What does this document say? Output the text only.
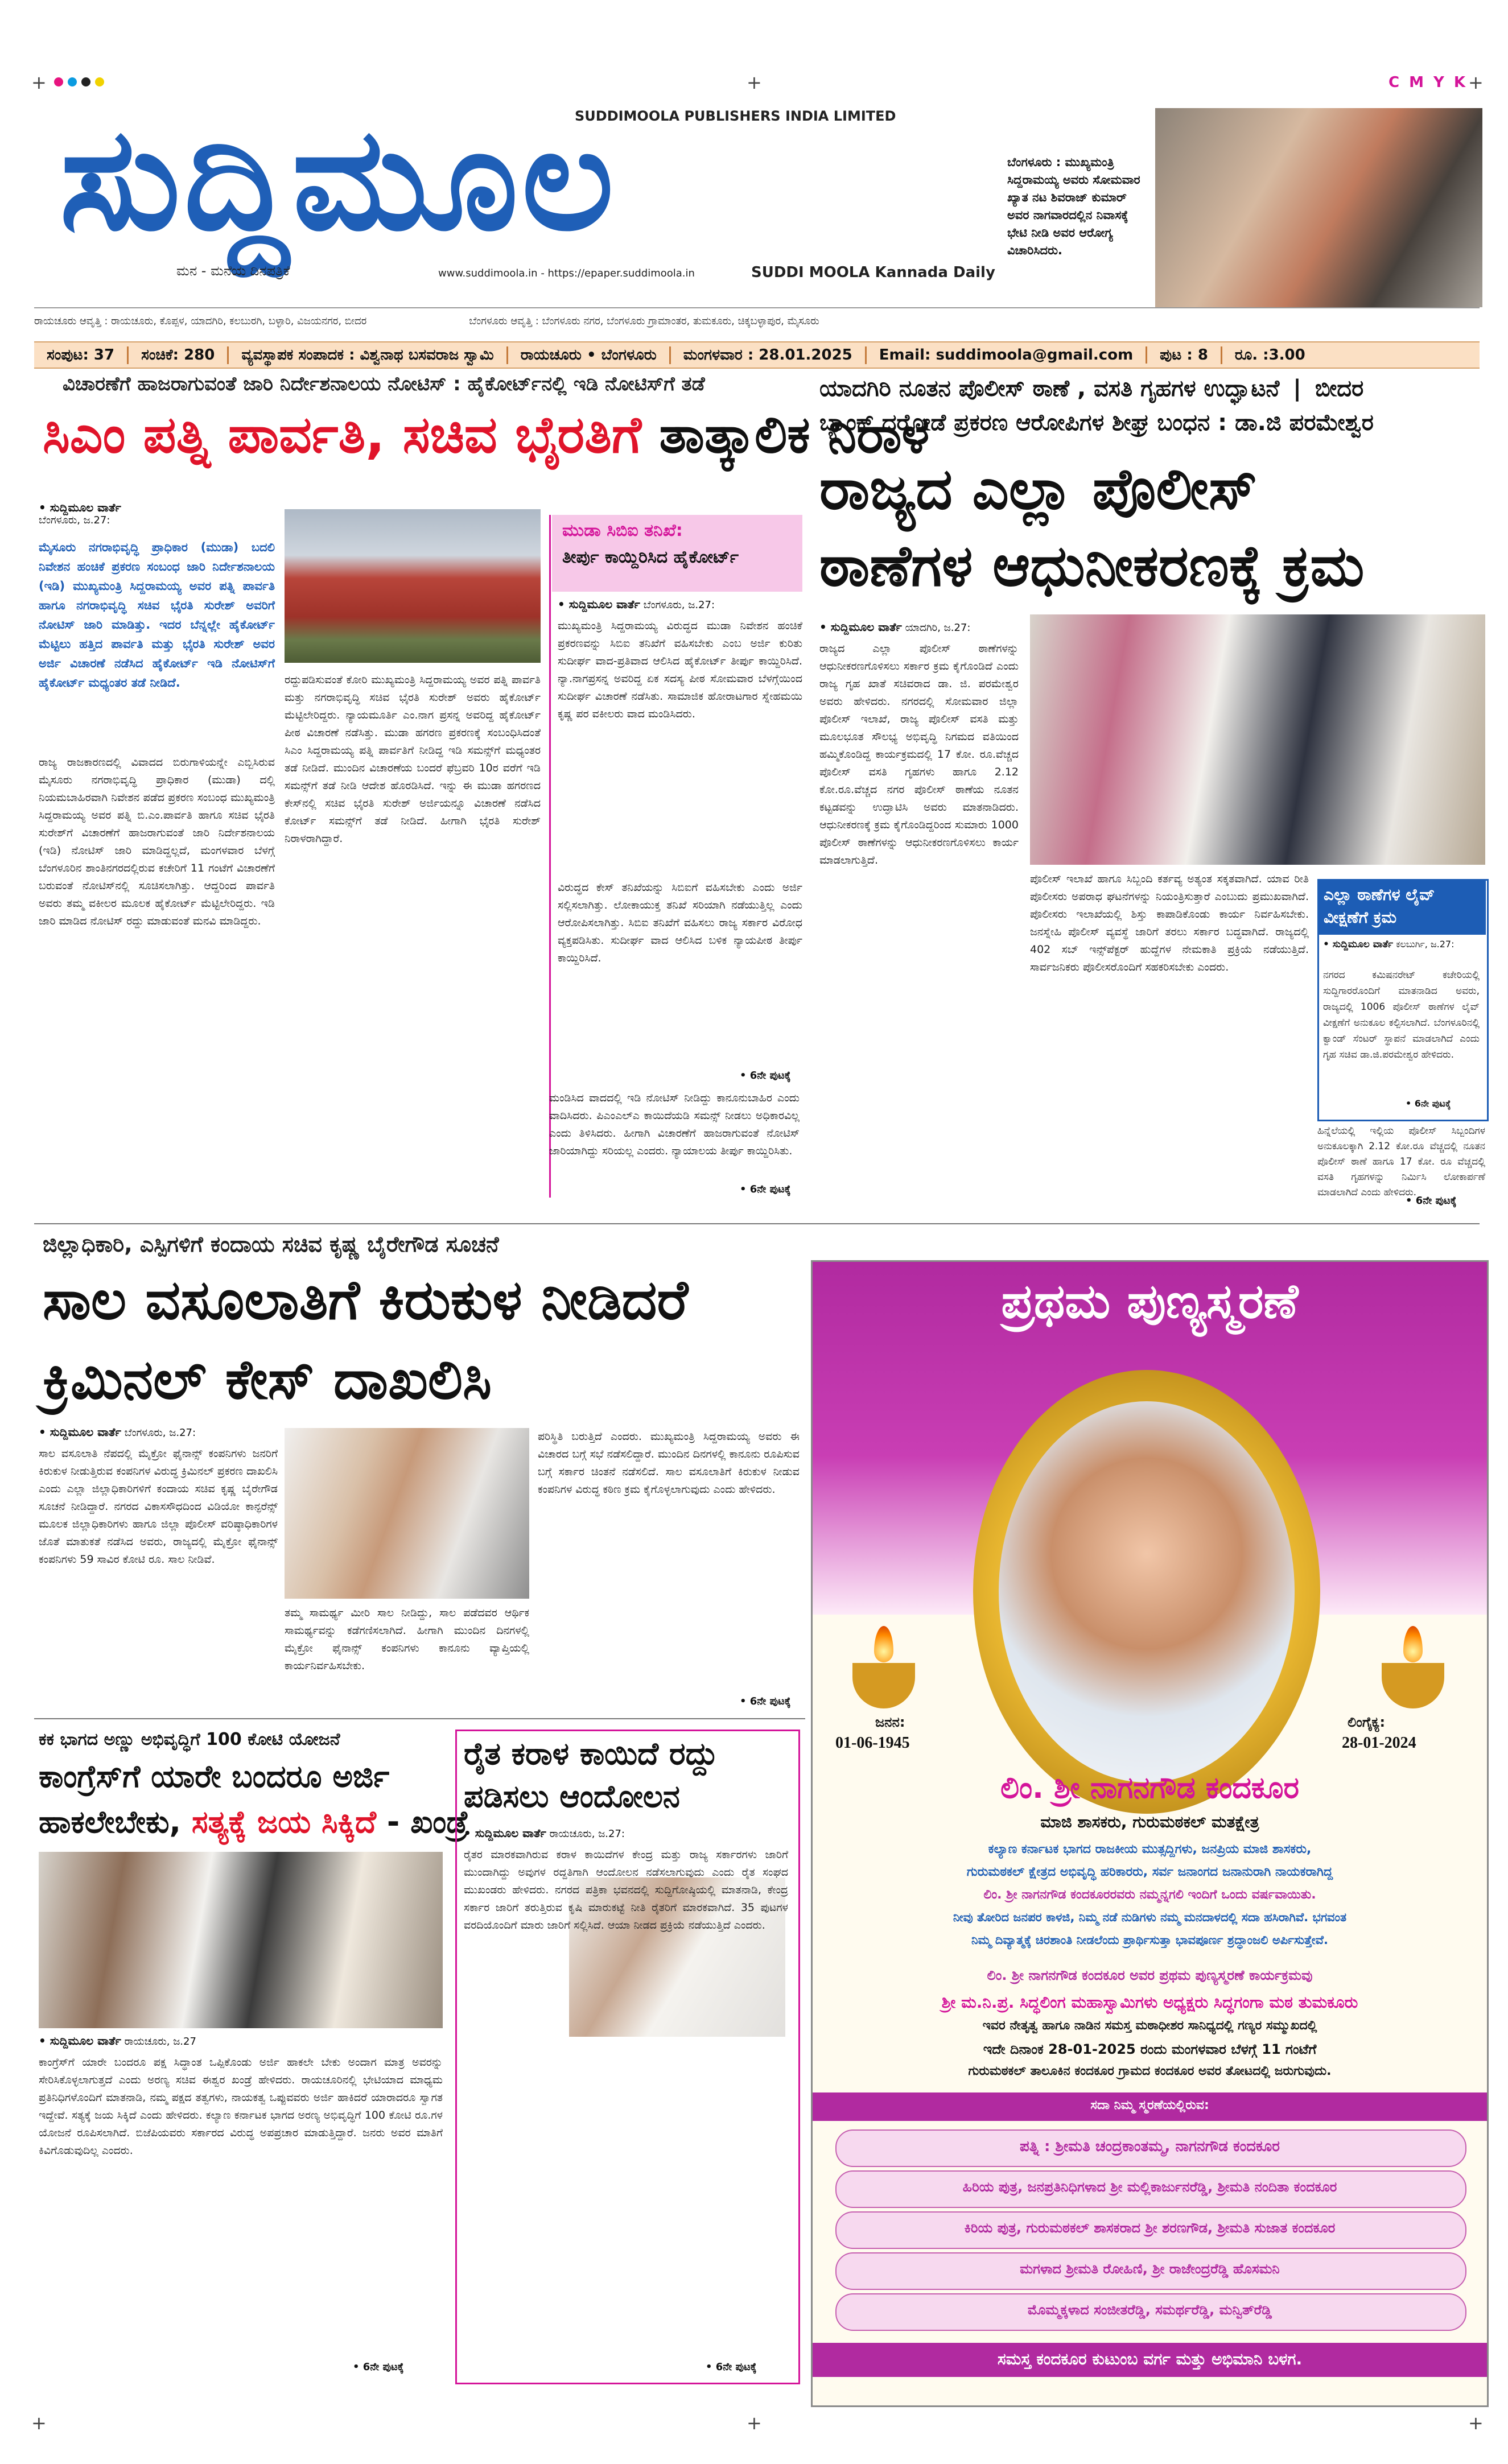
+	+	+
C M Y K
ಸುದ್ದಿಮೂಲ
SUDDIMOOLA PUBLISHERS INDIA LIMITED
ಮನ - ಮನೆಯ ದಿನಪತ್ರಿಕೆ	www.suddimoola.in - https://epaper.suddimoola.in	SUDDI MOOLA Kannada Daily
ಬೆಂಗಳೂರು : ಮುಖ್ಯಮಂತ್ರಿ ಸಿದ್ದರಾಮಯ್ಯ ಅವರು ಸೋಮವಾರ ಖ್ಯಾತ ನಟ ಶಿವರಾಜ್ ಕುಮಾರ್ ಅವರ ನಾಗವಾರದಲ್ಲಿನ ನಿವಾಸಕ್ಕೆ ಭೇಟಿ ನೀಡಿ ಅವರ ಆರೋಗ್ಯ ವಿಚಾರಿಸಿದರು.
ರಾಯಚೂರು ಆವೃತ್ತಿ : ರಾಯಚೂರು, ಕೊಪ್ಪಳ, ಯಾದಗಿರಿ, ಕಲಬುರಗಿ, ಬಳ್ಳಾರಿ, ವಿಜಯನಗರ, ಬೀದರ	ಬೆಂಗಳೂರು ಆವೃತ್ತಿ : ಬೆಂಗಳೂರು ನಗರ, ಬೆಂಗಳೂರು ಗ್ರಾಮಾಂತರ, ತುಮಕೂರು, ಚಿಕ್ಕಬಳ್ಳಾಪುರ, ಮೈಸೂರು
ಸಂಪುಟ: 37	ಸಂಚಿಕೆ: 280	ವ್ಯವಸ್ಥಾಪಕ ಸಂಪಾದಕ : ವಿಶ್ವನಾಥ ಬಸವರಾಜ ಸ್ವಾಮಿ	ರಾಯಚೂರು • ಬೆಂಗಳೂರು	ಮಂಗಳವಾರ : 28.01.2025	Email: suddimoola@gmail.com	ಪುಟ : 8	ರೂ. :3.00
ವಿಚಾರಣೆಗೆ ಹಾಜರಾಗುವಂತೆ ಜಾರಿ ನಿರ್ದೇಶನಾಲಯ ನೋಟಿಸ್ : ಹೈಕೋರ್ಟ್‌ನಲ್ಲಿ ಇಡಿ ನೋಟಿಸ್‌ಗೆ ತಡೆ
ಸಿಎಂ ಪತ್ನಿ ಪಾರ್ವತಿ, ಸಚಿವ ಭೈರತಿಗೆ ತಾತ್ಕಾಲಿಕ ನಿರಾಳ
• ಸುದ್ದಿಮೂಲ ವಾರ್ತೆ
ಬೆಂಗಳೂರು, ಜ.27:
ಮೈಸೂರು ನಗರಾಭಿವೃದ್ಧಿ ಪ್ರಾಧಿಕಾರ (ಮುಡಾ) ಬದಲಿ ನಿವೇಶನ ಹಂಚಿಕೆ ಪ್ರಕರಣ ಸಂಬಂಧ ಜಾರಿ ನಿರ್ದೇಶನಾಲಯ (ಇಡಿ) ಮುಖ್ಯಮಂತ್ರಿ ಸಿದ್ದರಾಮಯ್ಯ ಅವರ ಪತ್ನಿ ಪಾರ್ವತಿ ಹಾಗೂ ನಗರಾಭಿವೃದ್ಧಿ ಸಚಿವ ಭೈರತಿ ಸುರೇಶ್ ಅವರಿಗೆ ನೋಟಿಸ್ ಜಾರಿ ಮಾಡಿತ್ತು. ಇದರ ಬೆನ್ನಲ್ಲೇ ಹೈಕೋರ್ಟ್ ಮೆಟ್ಟಿಲು ಹತ್ತಿದ ಪಾರ್ವತಿ ಮತ್ತು ಭೈರತಿ ಸುರೇಶ್ ಅವರ ಅರ್ಜಿ ವಿಚಾರಣೆ ನಡೆಸಿದ ಹೈಕೋರ್ಟ್ ಇಡಿ ನೋಟಿಸ್‌ಗೆ ಹೈಕೋರ್ಟ್ ಮಧ್ಯಂತರ ತಡೆ ನೀಡಿದೆ.
ರಾಜ್ಯ ರಾಜಕಾರಣದಲ್ಲಿ ವಿವಾದದ ಬಿರುಗಾಳಿಯನ್ನೇ ಎಬ್ಬಿಸಿರುವ ಮೈಸೂರು ನಗರಾಭಿವೃದ್ಧಿ ಪ್ರಾಧಿಕಾರ (ಮುಡಾ) ದಲ್ಲಿ ನಿಯಮಬಾಹಿರವಾಗಿ ನಿವೇಶನ ಪಡೆದ ಪ್ರಕರಣ ಸಂಬಂಧ ಮುಖ್ಯಮಂತ್ರಿ ಸಿದ್ದರಾಮಯ್ಯ ಅವರ ಪತ್ನಿ ಬಿ.ಎಂ.ಪಾರ್ವತಿ ಹಾಗೂ ಸಚಿವ ಭೈರತಿ ಸುರೇಶ್‌ಗೆ ವಿಚಾರಣೆಗೆ ಹಾಜರಾಗುವಂತೆ ಜಾರಿ ನಿರ್ದೇಶನಾಲಯ (ಇಡಿ) ನೋಟಿಸ್ ಜಾರಿ ಮಾಡಿದ್ದಲ್ಲದೆ, ಮಂಗಳವಾರ ಬೆಳಗ್ಗೆ ಬೆಂಗಳೂರಿನ ಶಾಂತಿನಗರದಲ್ಲಿರುವ ಕಚೇರಿಗೆ 11 ಗಂಟೆಗೆ ವಿಚಾರಣೆಗೆ ಬರುವಂತೆ ನೋಟಿಸ್‌ನಲ್ಲಿ ಸೂಚಿಸಲಾಗಿತ್ತು. ಆದ್ದರಿಂದ ಪಾರ್ವತಿ ಅವರು ತಮ್ಮ ವಕೀಲರ ಮೂಲಕ ಹೈಕೋರ್ಟ್ ಮೆಟ್ಟಿಲೇರಿದ್ದರು. ಇಡಿ ಜಾರಿ ಮಾಡಿದ ನೋಟಿಸ್ ರದ್ದು ಮಾಡುವಂತೆ ಮನವಿ ಮಾಡಿದ್ದರು.
ರದ್ದುಪಡಿಸುವಂತೆ ಕೋರಿ ಮುಖ್ಯಮಂತ್ರಿ ಸಿದ್ದರಾಮಯ್ಯ ಅವರ ಪತ್ನಿ ಪಾರ್ವತಿ ಮತ್ತು ನಗರಾಭಿವೃದ್ಧಿ ಸಚಿವ ಭೈರತಿ ಸುರೇಶ್ ಅವರು ಹೈಕೋರ್ಟ್ ಮೆಟ್ಟಿಲೇರಿದ್ದರು. ನ್ಯಾಯಮೂರ್ತಿ ಎಂ.ನಾಗ ಪ್ರಸನ್ನ ಅವರಿದ್ದ ಹೈಕೋರ್ಟ್ ಪೀಠ ವಿಚಾರಣೆ ನಡೆಸಿತ್ತು. ಮುಡಾ ಹಗರಣ ಪ್ರಕರಣಕ್ಕೆ ಸಂಬಂಧಿಸಿದಂತೆ ಸಿಎಂ ಸಿದ್ದರಾಮಯ್ಯ ಪತ್ನಿ ಪಾರ್ವತಿಗೆ ನೀಡಿದ್ದ ಇಡಿ ಸಮನ್ಸ್‌ಗೆ ಮಧ್ಯಂತರ ತಡೆ ನೀಡಿದೆ. ಮುಂದಿನ ವಿಚಾರಣೆಯ ಬಂದರೆ ಫೆಬ್ರವರಿ 10ರ ವರೆಗೆ ಇಡಿ ಸಮನ್ಸ್‌ಗೆ ತಡೆ ನೀಡಿ ಆದೇಶ ಹೊರಡಿಸಿದೆ. ಇನ್ನು ಈ ಮುಡಾ ಹಗರಣದ ಕೇಸ್‌ನಲ್ಲಿ ಸಚಿವ ಭೈರತಿ ಸುರೇಶ್ ಅರ್ಜಿಯನ್ನೂ ವಿಚಾರಣೆ ನಡೆಸಿದ ಕೋರ್ಟ್ ಸಮನ್ಸ್‌ಗೆ ತಡೆ ನೀಡಿದೆ. ಹೀಗಾಗಿ ಭೈರತಿ ಸುರೇಶ್ ನಿರಾಳರಾಗಿದ್ದಾರೆ.
ಮುಡಾ ಸಿಬಿಐ ತನಿಖೆ:
ತೀರ್ಪು ಕಾಯ್ದಿರಿಸಿದ ಹೈಕೋರ್ಟ್
• ಸುದ್ದಿಮೂಲ ವಾರ್ತೆ ಬೆಂಗಳೂರು, ಜ.27:
ಮುಖ್ಯಮಂತ್ರಿ ಸಿದ್ದರಾಮಯ್ಯ ವಿರುದ್ಧದ ಮುಡಾ ನಿವೇಶನ ಹಂಚಿಕೆ ಪ್ರಕರಣವನ್ನು ಸಿಬಿಐ ತನಿಖೆಗೆ ವಹಿಸಬೇಕು ಎಂಬ ಅರ್ಜಿ ಕುರಿತು ಸುದೀರ್ಘ ವಾದ-ಪ್ರತಿವಾದ ಆಲಿಸಿದ ಹೈಕೋರ್ಟ್ ತೀರ್ಪು ಕಾಯ್ದಿರಿಸಿದೆ. ನ್ಯಾ.ನಾಗಪ್ರಸನ್ನ ಅವರಿದ್ದ ಏಕ ಸದಸ್ಯ ಪೀಠ ಸೋಮವಾರ ಬೆಳಗ್ಗೆಯಿಂದ ಸುದೀರ್ಘ ವಿಚಾರಣೆ ನಡೆಸಿತು. ಸಾಮಾಜಿಕ ಹೋರಾಟಗಾರ ಸ್ನೇಹಮಯಿ ಕೃಷ್ಣ ಪರ ವಕೀಲರು ವಾದ ಮಂಡಿಸಿದರು.
ವಿರುದ್ಧದ ಕೇಸ್ ತನಿಖೆಯನ್ನು ಸಿಬಿಐಗೆ ವಹಿಸಬೇಕು ಎಂದು ಅರ್ಜಿ ಸಲ್ಲಿಸಲಾಗಿತ್ತು. ಲೋಕಾಯುಕ್ತ ತನಿಖೆ ಸರಿಯಾಗಿ ನಡೆಯುತ್ತಿಲ್ಲ ಎಂದು ಆರೋಪಿಸಲಾಗಿತ್ತು. ಸಿಬಿಐ ತನಿಖೆಗೆ ವಹಿಸಲು ರಾಜ್ಯ ಸರ್ಕಾರ ವಿರೋಧ ವ್ಯಕ್ತಪಡಿಸಿತು. ಸುದೀರ್ಘ ವಾದ ಆಲಿಸಿದ ಬಳಿಕ ನ್ಯಾಯಪೀಠ ತೀರ್ಪು ಕಾಯ್ದಿರಿಸಿದೆ.
• 6ನೇ ಪುಟಕ್ಕೆ
ಮಂಡಿಸಿದ ವಾದದಲ್ಲಿ ಇಡಿ ನೋಟಿಸ್ ನೀಡಿದ್ದು ಕಾನೂನುಬಾಹಿರ ಎಂದು ವಾದಿಸಿದರು. ಪಿಎಂಎಲ್‌ಎ ಕಾಯಿದೆಯಡಿ ಸಮನ್ಸ್ ನೀಡಲು ಅಧಿಕಾರವಿಲ್ಲ ಎಂದು ತಿಳಿಸಿದರು. ಹೀಗಾಗಿ ವಿಚಾರಣೆಗೆ ಹಾಜರಾಗುವಂತೆ ನೋಟಿಸ್ ಜಾರಿಯಾಗಿದ್ದು ಸರಿಯಲ್ಲ ಎಂದರು. ನ್ಯಾಯಾಲಯ ತೀರ್ಪು ಕಾಯ್ದಿರಿಸಿತು.
• 6ನೇ ಪುಟಕ್ಕೆ
ಯಾದಗಿರಿ ನೂತನ ಪೊಲೀಸ್ ಠಾಣೆ , ವಸತಿ ಗೃಹಗಳ ಉದ್ಘಾಟನೆ | ಬೀದರ
ಬ್ಯಾಂಕ್ ದರೋಡೆ ಪ್ರಕರಣ ಆರೋಪಿಗಳ ಶೀಘ್ರ ಬಂಧನ : ಡಾ.ಜಿ ಪರಮೇಶ್ವರ
ರಾಜ್ಯದ ಎಲ್ಲಾ ಪೊಲೀಸ್
ಠಾಣೆಗಳ ಆಧುನೀಕರಣಕ್ಕೆ ಕ್ರಮ
• ಸುದ್ದಿಮೂಲ ವಾರ್ತೆ ಯಾದಗಿರಿ, ಜ.27:
ರಾಜ್ಯದ ಎಲ್ಲಾ ಪೊಲೀಸ್ ಠಾಣೆಗಳನ್ನು ಆಧುನೀಕರಣಗೊಳಿಸಲು ಸರ್ಕಾರ ಕ್ರಮ ಕೈಗೊಂಡಿದೆ ಎಂದು ರಾಜ್ಯ ಗೃಹ ಖಾತೆ ಸಚಿವರಾದ ಡಾ. ಜಿ. ಪರಮೇಶ್ವರ ಅವರು ಹೇಳಿದರು. ನಗರದಲ್ಲಿ ಸೋಮವಾರ ಜಿಲ್ಲಾ ಪೊಲೀಸ್ ಇಲಾಖೆ, ರಾಜ್ಯ ಪೊಲೀಸ್ ವಸತಿ ಮತ್ತು ಮೂಲಭೂತ ಸೌಲಭ್ಯ ಅಭಿವೃದ್ಧಿ ನಿಗಮದ ವತಿಯಿಂದ ಹಮ್ಮಿಕೊಂಡಿದ್ದ ಕಾರ್ಯಕ್ರಮದಲ್ಲಿ 17 ಕೋ. ರೂ.ವೆಚ್ಚದ ಪೊಲೀಸ್ ವಸತಿ ಗೃಹಗಳು ಹಾಗೂ 2.12 ಕೋ.ರೂ.ವೆಚ್ಚದ ನಗರ ಪೊಲೀಸ್ ಠಾಣೆಯ ನೂತನ ಕಟ್ಟಡವನ್ನು ಉದ್ಘಾಟಿಸಿ ಅವರು ಮಾತನಾಡಿದರು. ಆಧುನೀಕರಣಕ್ಕೆ ಕ್ರಮ ಕೈಗೊಂಡಿದ್ದರಿಂದ ಸುಮಾರು 1000 ಪೊಲೀಸ್ ಠಾಣೆಗಳನ್ನು ಆಧುನೀಕರಣಗೊಳಿಸಲು ಕಾರ್ಯ ಮಾಡಲಾಗುತ್ತಿದೆ.
ಪೊಲೀಸ್ ಇಲಾಖೆ ಹಾಗೂ ಸಿಬ್ಬಂದಿ ಕರ್ತವ್ಯ ಅತ್ಯಂತ ಸಕ್ಕತವಾಗಿದೆ. ಯಾವ ರೀತಿ ಪೊಲೀಸರು ಅಪರಾಧ ಘಟನೆಗಳನ್ನು ನಿಯಂತ್ರಿಸುತ್ತಾರೆ ಎಂಬುದು ಪ್ರಮುಖವಾಗಿದೆ. ಪೊಲೀಸರು ಇಲಾಖೆಯಲ್ಲಿ ಶಿಸ್ತು ಕಾಪಾಡಿಕೊಂಡು ಕಾರ್ಯ ನಿರ್ವಹಿಸಬೇಕು. ಜನಸ್ನೇಹಿ ಪೊಲೀಸ್ ವ್ಯವಸ್ಥೆ ಜಾರಿಗೆ ತರಲು ಸರ್ಕಾರ ಬದ್ಧವಾಗಿದೆ. ರಾಜ್ಯದಲ್ಲಿ 402 ಸಬ್ ಇನ್ಸ್‌ಪೆಕ್ಟರ್ ಹುದ್ದೆಗಳ ನೇಮಕಾತಿ ಪ್ರಕ್ರಿಯೆ ನಡೆಯುತ್ತಿದೆ. ಸಾರ್ವಜನಿಕರು ಪೊಲೀಸರೊಂದಿಗೆ ಸಹಕರಿಸಬೇಕು ಎಂದರು.
ಎಲ್ಲಾ ಠಾಣೆಗಳ ಲೈವ್ ವೀಕ್ಷಣೆಗೆ ಕ್ರಮ
• ಸುದ್ದಿಮೂಲ ವಾರ್ತೆ ಕಲಬುರ್ಗಿ, ಜ.27:
ನಗರದ ಕಮಿಷನರೇಟ್ ಕಚೇರಿಯಲ್ಲಿ ಸುದ್ದಿಗಾರರೊಂದಿಗೆ ಮಾತನಾಡಿದ ಅವರು, ರಾಜ್ಯದಲ್ಲಿ 1006 ಪೊಲೀಸ್ ಠಾಣೆಗಳ ಲೈವ್ ವೀಕ್ಷಣೆಗೆ ಅನುಕೂಲ ಕಲ್ಪಿಸಲಾಗಿದೆ. ಬೆಂಗಳೂರಿನಲ್ಲಿ ಕ್ವಾಂಡ್ ಸೆಂಟರ್ ಸ್ಥಾಪನೆ ಮಾಡಲಾಗಿದೆ ಎಂದು ಗೃಹ ಸಚಿವ ಡಾ.ಜಿ.ಪರಮೇಶ್ವರ ಹೇಳಿದರು.
• 6ನೇ ಪುಟಕ್ಕೆ
ಹಿನ್ನೆಲೆಯಲ್ಲಿ ಇಲ್ಲಿಯ ಪೊಲೀಸ್ ಸಿಬ್ಬಂದಿಗಳ ಅನುಕೂಲಕ್ಕಾಗಿ 2.12 ಕೋ.ರೂ ವೆಚ್ಚದಲ್ಲಿ ನೂತನ ಪೊಲೀಸ್ ಠಾಣೆ ಹಾಗೂ 17 ಕೋ. ರೂ ವೆಚ್ಚದಲ್ಲಿ ವಸತಿ ಗೃಹಗಳನ್ನು ನಿರ್ಮಿಸಿ ಲೋಕಾರ್ಪಣೆ ಮಾಡಲಾಗಿದೆ ಎಂದು ಹೇಳಿದರು.
• 6ನೇ ಪುಟಕ್ಕೆ
ಜಿಲ್ಲಾಧಿಕಾರಿ, ಎಸ್ಪಿಗಳಿಗೆ ಕಂದಾಯ ಸಚಿವ ಕೃಷ್ಣ ಬೈರೇಗೌಡ ಸೂಚನೆ
ಸಾಲ ವಸೂಲಾತಿಗೆ ಕಿರುಕುಳ ನೀಡಿದರೆ
ಕ್ರಿಮಿನಲ್ ಕೇಸ್ ದಾಖಲಿಸಿ
• ಸುದ್ದಿಮೂಲ ವಾರ್ತೆ ಬೆಂಗಳೂರು, ಜ.27:
ಸಾಲ ವಸೂಲಾತಿ ನೆಪದಲ್ಲಿ ಮೈಕ್ರೋ ಫೈನಾನ್ಸ್ ಕಂಪನಿಗಳು ಜನರಿಗೆ ಕಿರುಕುಳ ನೀಡುತ್ತಿರುವ ಕಂಪನಿಗಳ ವಿರುದ್ಧ ಕ್ರಿಮಿನಲ್ ಪ್ರಕರಣ ದಾಖಲಿಸಿ ಎಂದು ಎಲ್ಲಾ ಜಿಲ್ಲಾಧಿಕಾರಿಗಳಿಗೆ ಕಂದಾಯ ಸಚಿವ ಕೃಷ್ಣ ಬೈರೇಗೌಡ ಸೂಚನೆ ನೀಡಿದ್ದಾರೆ. ನಗರದ ವಿಕಾಸಸೌಧದಿಂದ ವಿಡಿಯೋ ಕಾನ್ಫರೆನ್ಸ್ ಮೂಲಕ ಜಿಲ್ಲಾಧಿಕಾರಿಗಳು ಹಾಗೂ ಜಿಲ್ಲಾ ಪೊಲೀಸ್ ವರಿಷ್ಠಾಧಿಕಾರಿಗಳ ಜೊತೆ ಮಾತುಕತೆ ನಡೆಸಿದ ಅವರು, ರಾಜ್ಯದಲ್ಲಿ ಮೈಕ್ರೋ ಫೈನಾನ್ಸ್ ಕಂಪನಿಗಳು 59 ಸಾವಿರ ಕೋಟಿ ರೂ. ಸಾಲ ನೀಡಿವೆ.
ತಮ್ಮ ಸಾಮರ್ಥ್ಯ ಮೀರಿ ಸಾಲ ನೀಡಿದ್ದು, ಸಾಲ ಪಡೆದವರ ಆರ್ಥಿಕ ಸಾಮರ್ಥ್ಯವನ್ನು ಕಡೆಗಣಿಸಲಾಗಿದೆ. ಹೀಗಾಗಿ ಮುಂದಿನ ದಿನಗಳಲ್ಲಿ ಮೈಕ್ರೋ ಫೈನಾನ್ಸ್ ಕಂಪನಿಗಳು ಕಾನೂನು ವ್ಯಾಪ್ತಿಯಲ್ಲಿ ಕಾರ್ಯನಿರ್ವಹಿಸಬೇಕು.
ಪರಿಸ್ಥಿತಿ ಬರುತ್ತಿದೆ ಎಂದರು. ಮುಖ್ಯಮಂತ್ರಿ ಸಿದ್ದರಾಮಯ್ಯ ಅವರು ಈ ವಿಚಾರದ ಬಗ್ಗೆ ಸಭೆ ನಡೆಸಲಿದ್ದಾರೆ. ಮುಂದಿನ ದಿನಗಳಲ್ಲಿ ಕಾನೂನು ರೂಪಿಸುವ ಬಗ್ಗೆ ಸರ್ಕಾರ ಚಿಂತನೆ ನಡೆಸಲಿದೆ. ಸಾಲ ವಸೂಲಾತಿಗೆ ಕಿರುಕುಳ ನೀಡುವ ಕಂಪನಿಗಳ ವಿರುದ್ಧ ಕಠಿಣ ಕ್ರಮ ಕೈಗೊಳ್ಳಲಾಗುವುದು ಎಂದು ಹೇಳಿದರು.
• 6ನೇ ಪುಟಕ್ಕೆ
ಕಕ ಭಾಗದ ಅಣ್ಣು ಅಭಿವೃದ್ಧಿಗೆ 100 ಕೋಟಿ ಯೋಜನೆ
ಕಾಂಗ್ರೆಸ್‌ಗೆ ಯಾರೇ ಬಂದರೂ ಅರ್ಜಿ
ಹಾಕಲೇಬೇಕು, ಸತ್ಯಕ್ಕೆ ಜಯ ಸಿಕ್ಕಿದೆ - ಖಂಡ್ರೆ
• ಸುದ್ದಿಮೂಲ ವಾರ್ತೆ ರಾಯಚೂರು, ಜ.27
ಕಾಂಗ್ರೆಸ್‌ಗೆ ಯಾರೇ ಬಂದರೂ ಪಕ್ಷ ಸಿದ್ಧಾಂತ ಒಪ್ಪಿಕೊಂಡು ಅರ್ಜಿ ಹಾಕಲೇ ಬೇಕು ಅಂದಾಗ ಮಾತ್ರ ಅವರನ್ನು ಸೇರಿಸಿಕೊಳ್ಳಲಾಗುತ್ತದೆ ಎಂದು ಅರಣ್ಯ ಸಚಿವ ಈಶ್ವರ ಖಂಡ್ರೆ ಹೇಳಿದರು. ರಾಯಚೂರಿನಲ್ಲಿ ಭೇಟಿಯಾದ ಮಾಧ್ಯಮ ಪ್ರತಿನಿಧಿಗಳೊಂದಿಗೆ ಮಾತನಾಡಿ, ನಮ್ಮ ಪಕ್ಷದ ತತ್ವಗಳು, ನಾಯಕತ್ವ ಒಪ್ಪುವವರು ಅರ್ಜಿ ಹಾಕಿದರೆ ಯಾರಾದರೂ ಸ್ವಾಗತ ಇದ್ದೇವೆ. ಸತ್ಯಕ್ಕೆ ಜಯ ಸಿಕ್ಕಿದೆ ಎಂದು ಹೇಳಿದರು. ಕಲ್ಯಾಣ ಕರ್ನಾಟಕ ಭಾಗದ ಅರಣ್ಯ ಅಭಿವೃದ್ಧಿಗೆ 100 ಕೋಟಿ ರೂ.ಗಳ ಯೋಜನೆ ರೂಪಿಸಲಾಗಿದೆ. ಬಿಜೆಪಿಯವರು ಸರ್ಕಾರದ ವಿರುದ್ಧ ಅಪಪ್ರಚಾರ ಮಾಡುತ್ತಿದ್ದಾರೆ. ಜನರು ಅವರ ಮಾತಿಗೆ ಕಿವಿಗೊಡುವುದಿಲ್ಲ ಎಂದರು.
• 6ನೇ ಪುಟಕ್ಕೆ
ರೈತ ಕರಾಳ ಕಾಯಿದೆ ರದ್ದು
ಪಡಿಸಲು ಆಂದೋಲನ
• ಸುದ್ದಿಮೂಲ ವಾರ್ತೆ ರಾಯಚೂರು, ಜ.27:
ರೈತರ ಮಾರಕವಾಗಿರುವ ಕರಾಳ ಕಾಯಿದೆಗಳ ಕೇಂದ್ರ ಮತ್ತು ರಾಜ್ಯ ಸರ್ಕಾರಗಳು ಜಾರಿಗೆ ಮುಂದಾಗಿದ್ದು ಅವುಗಳ ರದ್ದತಿಗಾಗಿ ಆಂದೋಲನ ನಡೆಸಲಾಗುವುದು ಎಂದು ರೈತ ಸಂಘದ ಮುಖಂಡರು ಹೇಳಿದರು. ನಗರದ ಪತ್ರಿಕಾ ಭವನದಲ್ಲಿ ಸುದ್ದಿಗೋಷ್ಠಿಯಲ್ಲಿ ಮಾತನಾಡಿ, ಕೇಂದ್ರ ಸರ್ಕಾರ ಜಾರಿಗೆ ತರುತ್ತಿರುವ ಕೃಷಿ ಮಾರುಕಟ್ಟೆ ನೀತಿ ರೈತರಿಗೆ ಮಾರಕವಾಗಿದೆ. 35 ಪುಟಗಳ ವರದಿಯೊಂದಿಗೆ ಮಾರು ಜಾರಿಗೆ ಸಲ್ಲಿಸಿದೆ. ಆಯಾ ನೀಡದ ಪ್ರಕ್ರಿಯೆ ನಡೆಯುತ್ತಿದೆ ಎಂದರು.
• 6ನೇ ಪುಟಕ್ಕೆ
ಪ್ರಥಮ ಪುಣ್ಯಸ್ಮರಣೆ
ಜನನ:
01-06-1945
ಲಿಂಗೈಕ್ಯ:
28-01-2024
ಲಿಂ. ಶ್ರೀ ನಾಗನಗೌಡ ಕಂದಕೂರ
ಮಾಜಿ ಶಾಸಕರು, ಗುರುಮಠಕಲ್ ಮತಕ್ಷೇತ್ರ
ಕಲ್ಯಾಣ ಕರ್ನಾಟಕ ಭಾಗದ ರಾಜಕೀಯ ಮುತ್ಸದ್ದಿಗಳು, ಜನಪ್ರಿಯ ಮಾಜಿ ಶಾಸಕರು,
ಗುರುಮಠಕಲ್ ಕ್ಷೇತ್ರದ ಅಭಿವೃದ್ಧಿ ಹರಿಕಾರರು, ಸರ್ವ ಜನಾಂಗದ ಜನಾನುರಾಗಿ ನಾಯಕರಾಗಿದ್ದ
ಲಿಂ. ಶ್ರೀ ನಾಗನಗೌಡ ಕಂದಕೂರರವರು ನಮ್ಮನ್ನಗಲಿ ಇಂದಿಗೆ ಒಂದು ವರ್ಷವಾಯಿತು.
ನೀವು ತೋರಿದ ಜನಪರ ಕಾಳಜಿ, ನಿಮ್ಮ ನಡೆ ನುಡಿಗಳು ನಮ್ಮ ಮನದಾಳದಲ್ಲಿ ಸದಾ ಹಸಿರಾಗಿವೆ. ಭಗವಂತ
ನಿಮ್ಮ ದಿವ್ಯಾತ್ಮಕ್ಕೆ ಚಿರಶಾಂತಿ ನೀಡಲೆಂದು ಪ್ರಾರ್ಥಿಸುತ್ತಾ ಭಾವಪೂರ್ಣ ಶ್ರದ್ಧಾಂಜಲಿ ಅರ್ಪಿಸುತ್ತೇವೆ.
ಲಿಂ. ಶ್ರೀ ನಾಗನಗೌಡ ಕಂದಕೂರ ಅವರ ಪ್ರಥಮ ಪುಣ್ಯಸ್ಮರಣೆ ಕಾರ್ಯಕ್ರಮವು
ಶ್ರೀ ಮ.ನಿ.ಪ್ರ. ಸಿದ್ಧಲಿಂಗ ಮಹಾಸ್ವಾಮಿಗಳು ಅಧ್ಯಕ್ಷರು ಸಿದ್ಧಗಂಗಾ ಮಠ ತುಮಕೂರು
ಇವರ ನೇತೃತ್ವ ಹಾಗೂ ನಾಡಿನ ಸಮಸ್ತ ಮಠಾಧೀಶರ ಸಾನಿಧ್ಯದಲ್ಲಿ ಗಣ್ಯರ ಸಮ್ಮುಖದಲ್ಲಿ
ಇದೇ ದಿನಾಂಕ 28-01-2025 ರಂದು ಮಂಗಳವಾರ ಬೆಳಗ್ಗೆ 11 ಗಂಟೆಗೆ
ಗುರುಮಠಕಲ್ ತಾಲೂಕಿನ ಕಂದಕೂರ ಗ್ರಾಮದ ಕಂದಕೂರ ಅವರ ತೋಟದಲ್ಲಿ ಜರುಗುವುದು.
ಸದಾ ನಿಮ್ಮ ಸ್ಮರಣೆಯಲ್ಲಿರುವ:
ಪತ್ನಿ : ಶ್ರೀಮತಿ ಚಂದ್ರಕಾಂತಮ್ಮ, ನಾಗನಗೌಡ ಕಂದಕೂರ
ಹಿರಿಯ ಪುತ್ರ, ಜನಪ್ರತಿನಿಧಿಗಳಾದ ಶ್ರೀ ಮಲ್ಲಿಕಾರ್ಜುನರೆಡ್ಡಿ, ಶ್ರೀಮತಿ ನಂದಿತಾ ಕಂದಕೂರ
ಕಿರಿಯ ಪುತ್ರ, ಗುರುಮಠಕಲ್ ಶಾಸಕರಾದ ಶ್ರೀ ಶರಣಗೌಡ, ಶ್ರೀಮತಿ ಸುಜಾತ ಕಂದಕೂರ
ಮಗಳಾದ ಶ್ರೀಮತಿ ರೋಹಿಣಿ, ಶ್ರೀ ರಾಜೇಂದ್ರರೆಡ್ಡಿ ಹೊಸಮನಿ
ಮೊಮ್ಮಕ್ಕಳಾದ ಸಂಜೀತರೆಡ್ಡಿ, ಸಮರ್ಥರೆಡ್ಡಿ, ಮನ್ವಿತ್‌ರೆಡ್ಡಿ
ಸಮಸ್ತ ಕಂದಕೂರ ಕುಟುಂಬ ವರ್ಗ ಮತ್ತು ಅಭಿಮಾನಿ ಬಳಗ.
+	+	+
